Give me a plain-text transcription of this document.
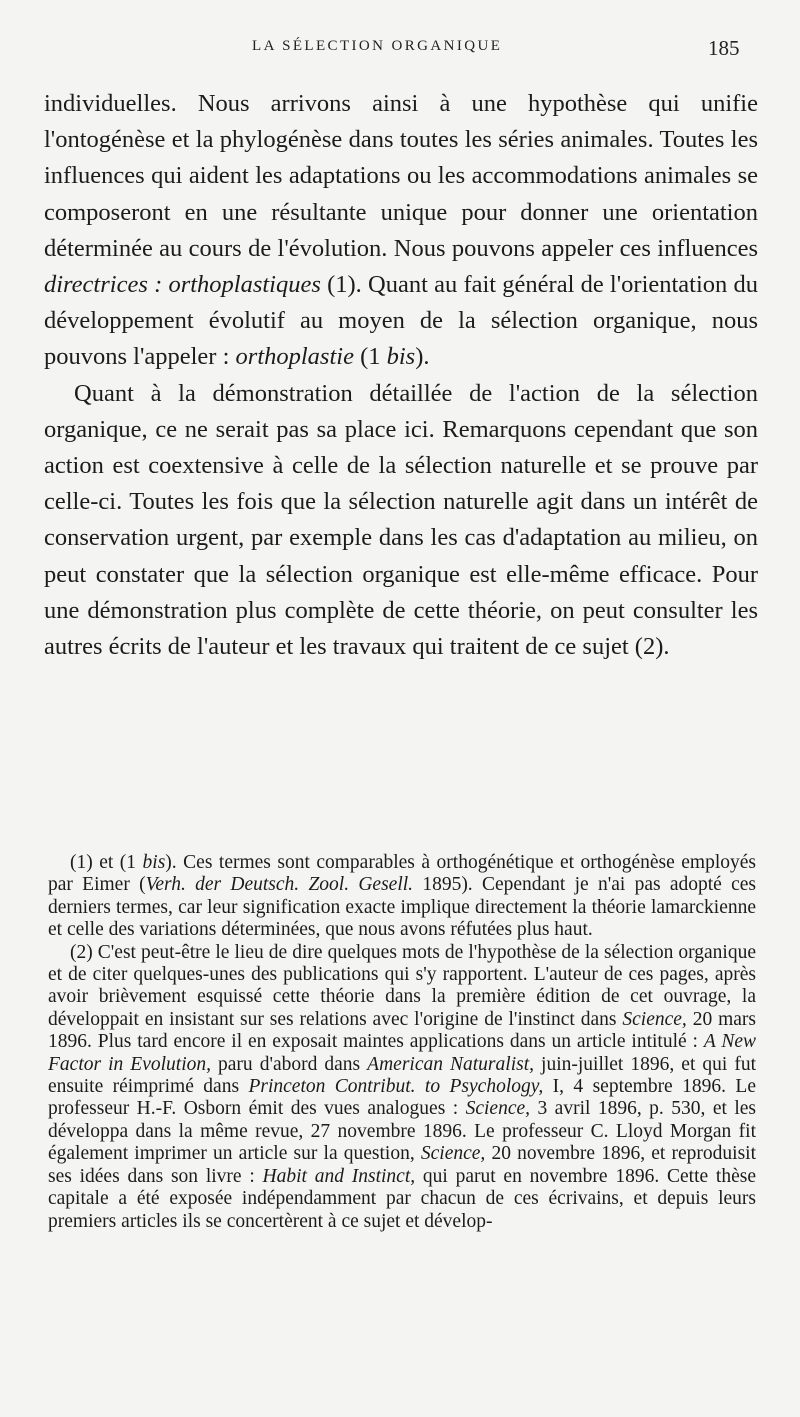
LA SÉLECTION ORGANIQUE	185

individuelles. Nous arrivons ainsi à une hypothèse qui unifie l'ontogénèse et la phylogénèse dans toutes les séries animales. Toutes les influences qui aident les adaptations ou les accommodations animales se composeront en une résultante unique pour donner une orientation déterminée au cours de l'évolution. Nous pouvons appeler ces influences directrices : orthoplastiques (1). Quant au fait général de l'orientation du développement évolutif au moyen de la sélection organique, nous pouvons l'appeler : orthoplastie (1 bis).

Quant à la démonstration détaillée de l'action de la sélection organique, ce ne serait pas sa place ici. Remarquons cependant que son action est coextensive à celle de la sélection naturelle et se prouve par celle-ci. Toutes les fois que la sélection naturelle agit dans un intérêt de conservation urgent, par exemple dans les cas d'adaptation au milieu, on peut constater que la sélection organique est elle-même efficace. Pour une démonstration plus complète de cette théorie, on peut consulter les autres écrits de l'auteur et les travaux qui traitent de ce sujet (2).

(1) et (1 bis). Ces termes sont comparables à orthogénétique et orthogénèse employés par Eimer (Verh. der Deutsch. Zool. Gesell. 1895). Cependant je n'ai pas adopté ces derniers termes, car leur signification exacte implique directement la théorie lamarckienne et celle des variations déterminées, que nous avons réfutées plus haut.

(2) C'est peut-être le lieu de dire quelques mots de l'hypothèse de la sélection organique et de citer quelques-unes des publications qui s'y rapportent. L'auteur de ces pages, après avoir brièvement esquissé cette théorie dans la première édition de cet ouvrage, la développait en insistant sur ses relations avec l'origine de l'instinct dans Science, 20 mars 1896. Plus tard encore il en exposait maintes applications dans un article intitulé : A New Factor in Evolution, paru d'abord dans American Naturalist, juin-juillet 1896, et qui fut ensuite réimprimé dans Princeton Contribut. to Psychology, I, 4 septembre 1896. Le professeur H.-F. Osborn émit des vues analogues : Science, 3 avril 1896, p. 530, et les développa dans la même revue, 27 novembre 1896. Le professeur C. Lloyd Morgan fit également imprimer un article sur la question, Science, 20 novembre 1896, et reproduisit ses idées dans son livre : Habit and Instinct, qui parut en novembre 1896. Cette thèse capitale a été exposée indépendamment par chacun de ces écrivains, et depuis leurs premiers articles ils se concertèrent à ce sujet et dévelop-
